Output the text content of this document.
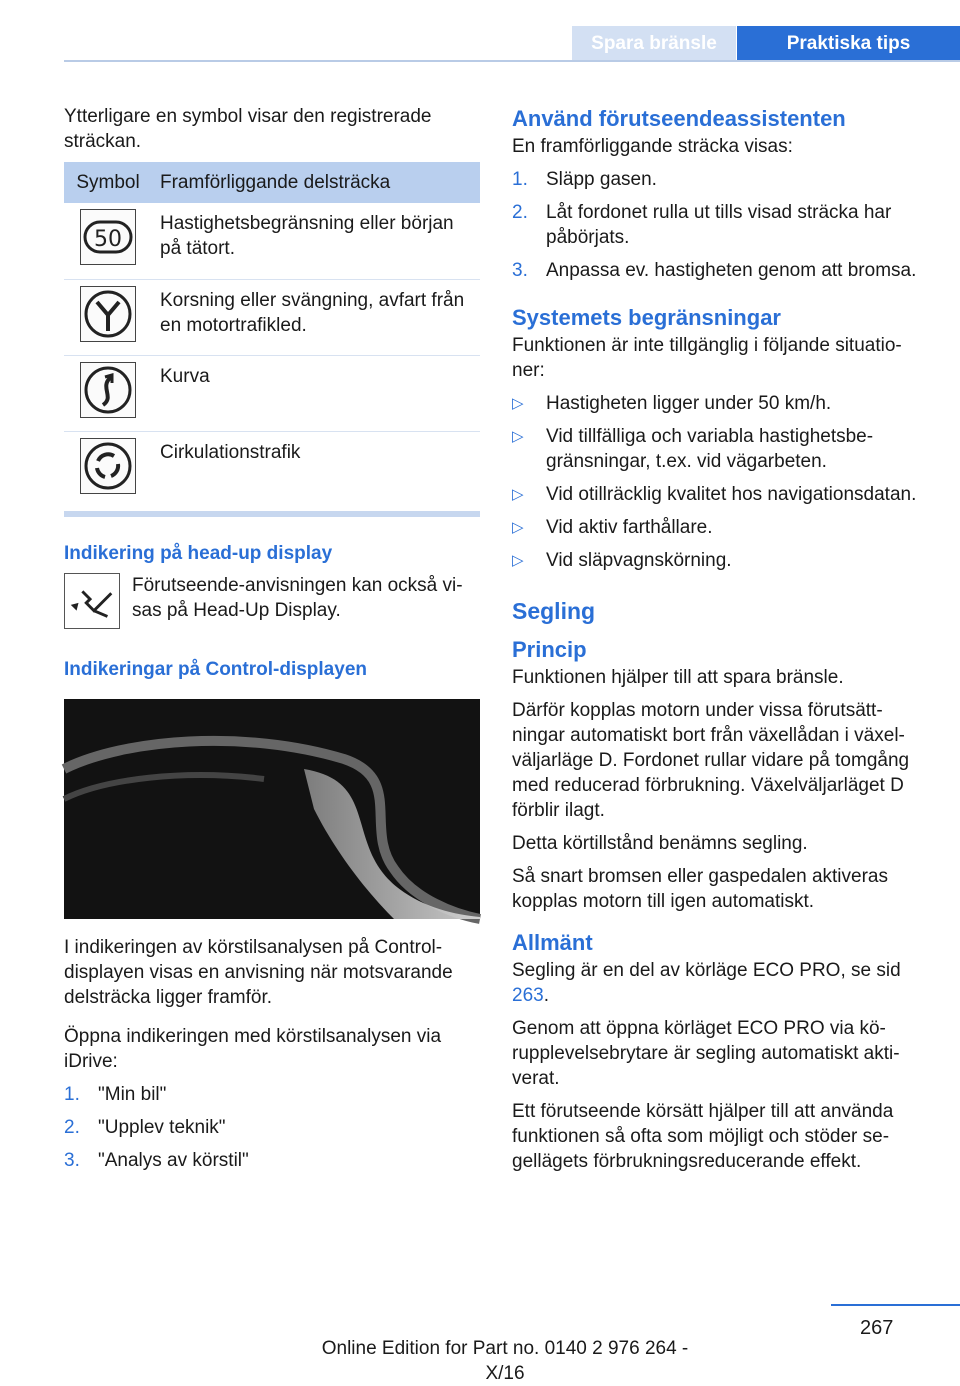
Spara bränsle	Praktiska tips

Ytterligare en symbol visar den registrerade sträckan.

Symbol	Framförliggande delsträcka

50	Hastighetsbegränsning eller början på tätort.

	Korsning eller svängning, avfart från en motortrafikled.

	Kurva

	Cirkulationstrafik
Indikering på head-up display
Förutseende-anvisningen kan också visas på Head-Up Display.
Indikeringar på Control-displayen

I indikeringen av körstilsanalysen på Control-displayen visas en anvisning när motsvarande delsträcka ligger framför.

Öppna indikeringen med körstilsanalysen via iDrive:

1. "Min bil"
2. "Upplev teknik"
3. "Analys av körstil"
Använd förutseendeassistenten

En framförliggande sträcka visas:

1. Släpp gasen.
2. Låt fordonet rulla ut tills visad sträcka har påbörjats.
3. Anpassa ev. hastigheten genom att bromsa.
Systemets begränsningar

Funktionen är inte tillgänglig i följande situationer:

▷	Hastigheten ligger under 50 km/h.
▷	Vid tillfälliga och variabla hastighetsbegränsningar, t.ex. vid vägarbeten.
▷	Vid otillräcklig kvalitet hos navigationsdatan.
▷	Vid aktiv farthållare.
▷	Vid släpvagnskörning.
Segling
Princip

Funktionen hjälper till att spara bränsle.

Därför kopplas motorn under vissa förutsättningar automatiskt bort från växellådan i växelväljarläge D. Fordonet rullar vidare på tomgång med reducerad förbrukning. Växelväljarläget D förblir ilagt.

Detta körtillstånd benämns segling.

Så snart bromsen eller gaspedalen aktiveras kopplas motorn till igen automatiskt.

Allmänt

Segling är en del av körläge ECO PRO, se sid 263.

Genom att öppna körläget ECO PRO via körupplevelsebrytare är segling automatiskt aktiverat.

Ett förutseende körsätt hjälper till att använda funktionen så ofta som möjligt och stöder segellägets förbrukningsreducerande effekt.

267
Online Edition for Part no. 0140 2 976 264 - X/16
